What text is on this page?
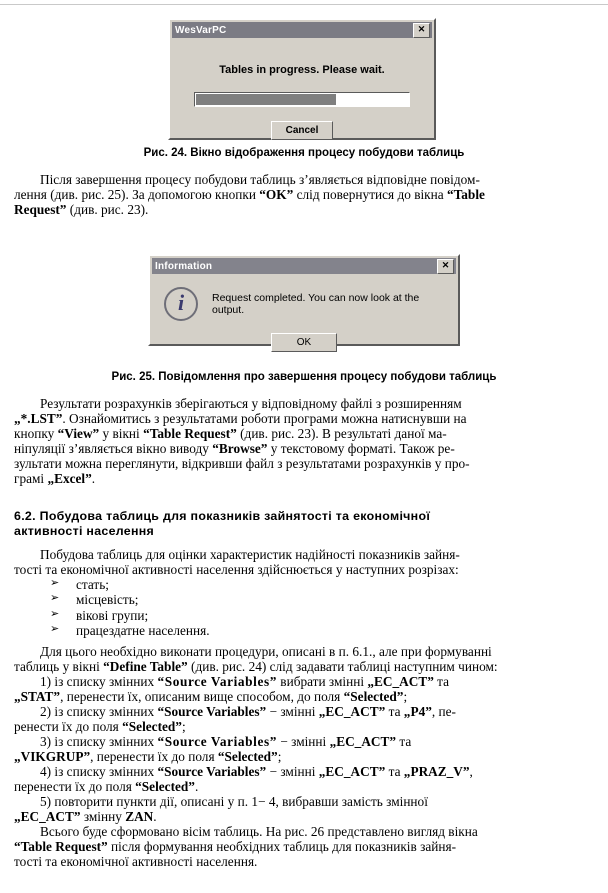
WesVarPC	✕
Tables in progress. Please wait.
Cancel
Рис. 24. Вікно відображення процесу побудови таблиць

Після завершення процесу побудови таблиць з’являється відповідне повідом-

лення (див. рис. 25). За допомогою кнопки “OK” слід повернутися до вікна “Table

Request” (див. рис. 23).

Information	✕
i	Request completed. You can now look at the output.
OK
Рис. 25. Повідомлення про завершення процесу побудови таблиць

Результати розрахунків зберігаються у відповідному файлі з розширенням

„*.LST”. Ознайомитись з результатами роботи програми можна натиснувши на

кнопку “View” у вікні “Table Request” (див. рис. 23). В результаті даної ма-

ніпуляції з’являється вікно виводу “Browse” у текстовому форматі. Також ре-

зультати можна переглянути, відкривши файл з результатами розрахунків у про-

грамі „Excel”.

6.2. Побудова таблиць для показників зайнятості та економічної
активності населення

Побудова таблиць для оцінки характеристик надійності показників зайня-

тості та економічної активності населення здійснюється у наступних розрізах:

➢ стать;
➢ місцевість;
➢ вікові групи;
➢ працездатне населення.

Для цього необхідно виконати процедури, описані в п. 6.1., але при формуванні

таблиць у вікні “Define Table” (див. рис. 24) слід задавати таблиці наступним чином:

1) із списку змінних “Source Variables” вибрати змінні „EC_ACT” та

„STAT”, перенести їх, описаним вище способом, до поля “Selected”;

2) із списку змінних “Source Variables” − змінні „EC_ACT” та „P4”, пе-

ренести їх до поля “Selected”;

3) із списку змінних “Source Variables” − змінні „EC_ACT” та

„VIKGRUP”, перенести їх до поля “Selected”;

4) із списку змінних “Source Variables” − змінні „EC_ACT” та „PRAZ_V”,

перенести їх до поля “Selected”.

5) повторити пункти дії, описані у п. 1− 4, вибравши замість змінної

„EC_ACT” змінну ZAN.

Всього буде сформовано вісім таблиць. На рис. 26 представлено вигляд вікна

“Table Request” після формування необхідних таблиць для показників зайня-

тості та економічної активності населення.
